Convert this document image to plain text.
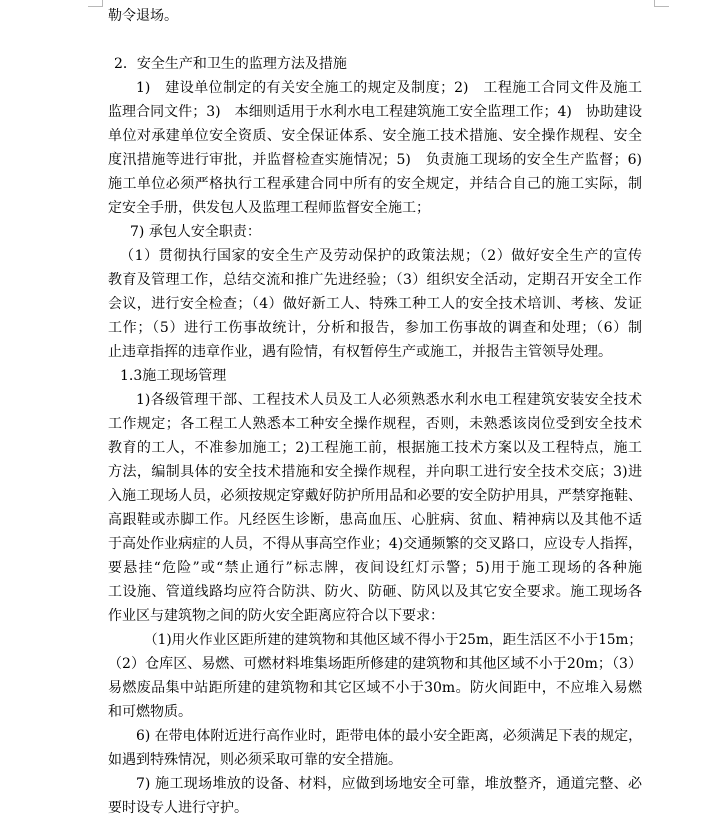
勒令退场。
2．安全生产和卫生的监理方法及措施
1)　建设单位制定的有关安全施工的规定及制度；2)　工程施工合同文件及施工
监理合同文件；3)　本细则适用于水利水电工程建筑施工安全监理工作；4)　协助建设
单位对承建单位安全资质、安全保证体系、安全施工技术措施、安全操作规程、安全
度汛措施等进行审批，并监督检查实施情况；5)　负责施工现场的安全生产监督；6)
施工单位必须严格执行工程承建合同中所有的安全规定，并结合自己的施工实际，制
定安全手册，供发包人及监理工程师监督安全施工；
7) 承包人安全职责：
（1）贯彻执行国家的安全生产及劳动保护的政策法规；（2）做好安全生产的宣传
教育及管理工作，总结交流和推广先进经验；（3）组织安全活动，定期召开安全工作
会议，进行安全检查；（4）做好新工人、特殊工种工人的安全技术培训、考核、发证
工作；（5）进行工伤事故统计，分析和报告，参加工伤事故的调查和处理；（6）制
止违章指挥的违章作业，遇有险情，有权暂停生产或施工，并报告主管领导处理。
1.3施工现场管理
1)各级管理干部、工程技术人员及工人必须熟悉水利水电工程建筑安装安全技术
工作规定；各工程工人熟悉本工种安全操作规程，否则，未熟悉该岗位受到安全技术
教育的工人，不准参加施工；2)工程施工前，根据施工技术方案以及工程特点，施工
方法，编制具体的安全技术措施和安全操作规程，并向职工进行安全技术交底；3)进
入施工现场人员，必须按规定穿戴好防护所用品和必要的安全防护用具，严禁穿拖鞋、
高跟鞋或赤脚工作。凡经医生诊断，患高血压、心脏病、贫血、精神病以及其他不适
于高处作业病症的人员，不得从事高空作业；4)交通频繁的交叉路口，应设专人指挥，
要悬挂“危险”或“禁止通行”标志牌，夜间设红灯示警；5)用于施工现场的各种施
工设施、管道线路均应符合防洪、防火、防砸、防风以及其它安全要求。施工现场各
作业区与建筑物之间的防火安全距离应符合以下要求：
（1)用火作业区距所建的建筑物和其他区域不得小于25m，距生活区不小于15m；
（2）仓库区、易燃、可燃材料堆集场距所修建的建筑物和其他区域不小于20m；（3）
易燃废品集中站距所建的建筑物和其它区域不小于30m。防火间距中，不应堆入易燃
和可燃物质。
6) 在带电体附近进行高作业时，距带电体的最小安全距离，必须满足下表的规定，
如遇到特殊情况，则必须采取可靠的安全措施。
7) 施工现场堆放的设备、材料，应做到场地安全可靠，堆放整齐，通道完整、必
要时设专人进行守护。
